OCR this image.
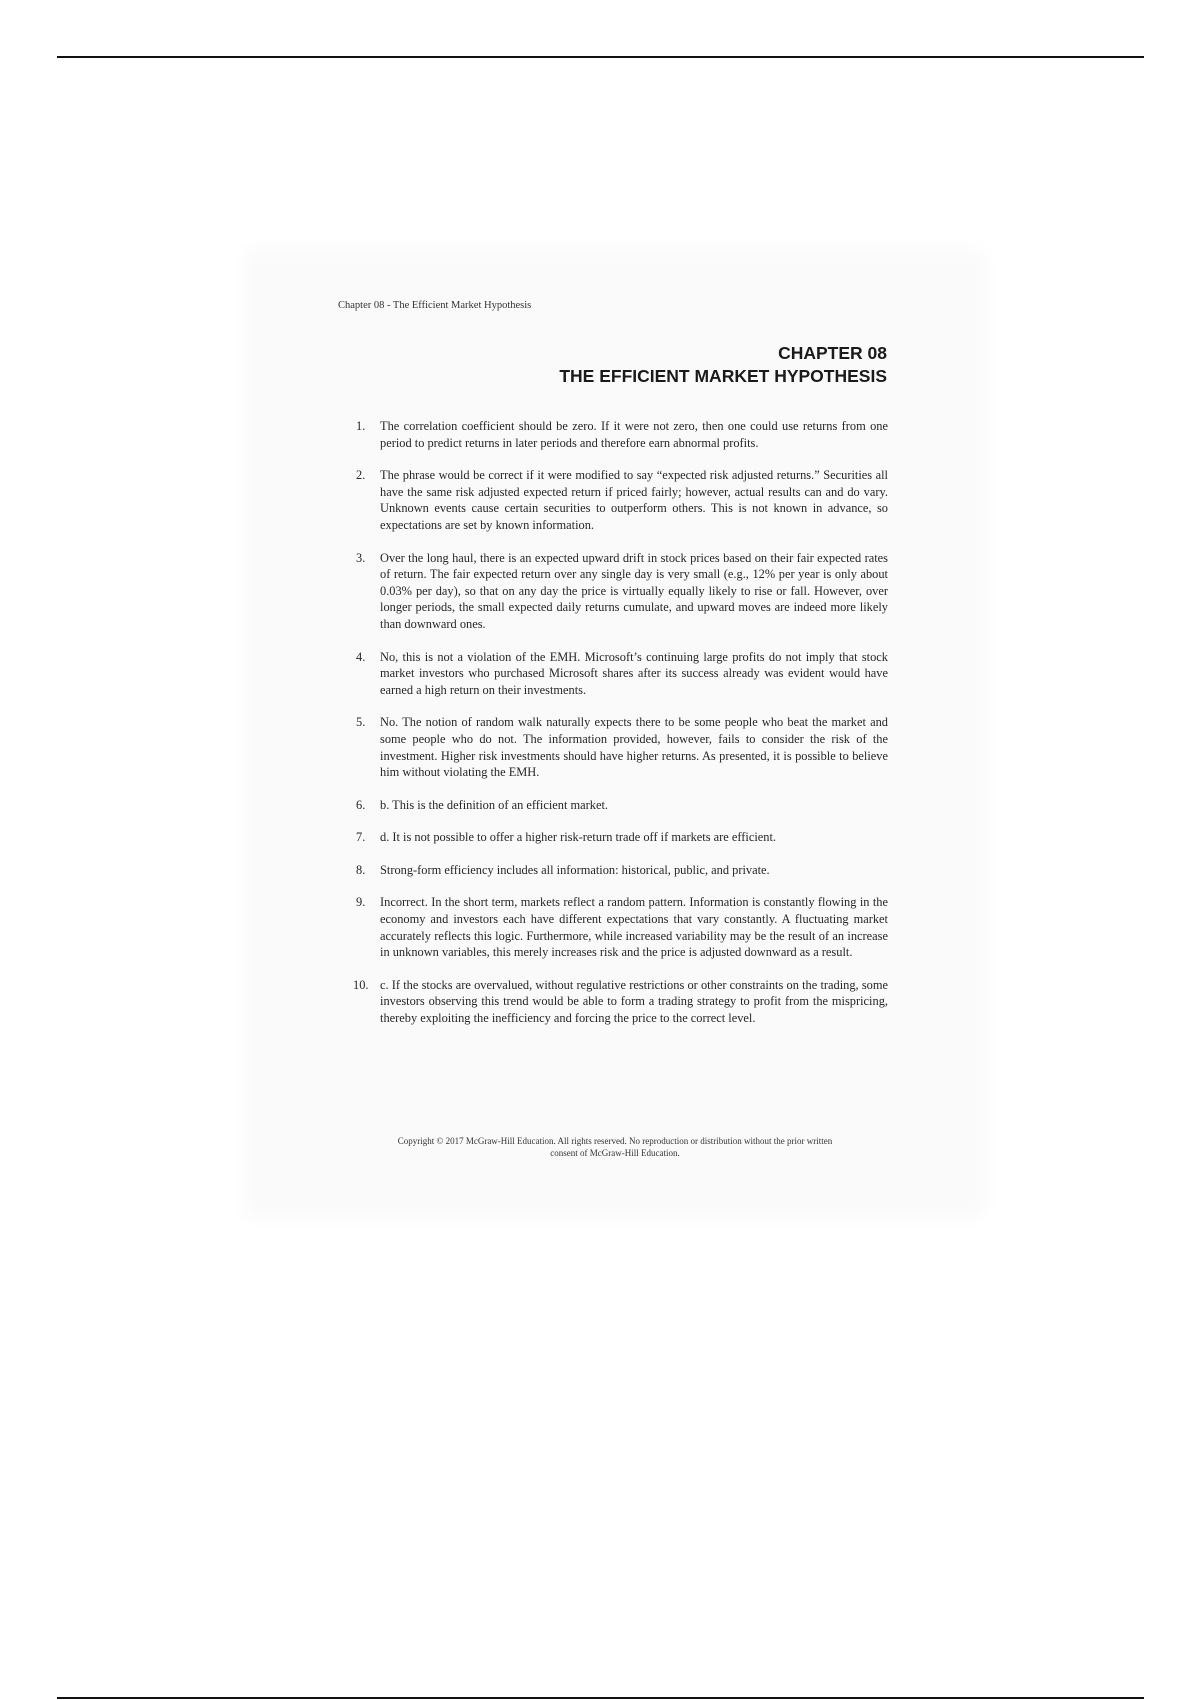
Chapter 08 - The Efficient Market Hypothesis
CHAPTER 08
THE EFFICIENT MARKET HYPOTHESIS
1. The correlation coefficient should be zero. If it were not zero, then one could use returns from one period to predict returns in later periods and therefore earn abnormal profits.
2. The phrase would be correct if it were modified to say “expected risk adjusted returns.” Securities all have the same risk adjusted expected return if priced fairly; however, actual results can and do vary. Unknown events cause certain securities to outperform others. This is not known in advance, so expectations are set by known information.
3. Over the long haul, there is an expected upward drift in stock prices based on their fair expected rates of return. The fair expected return over any single day is very small (e.g., 12% per year is only about 0.03% per day), so that on any day the price is virtually equally likely to rise or fall. However, over longer periods, the small expected daily returns cumulate, and upward moves are indeed more likely than downward ones.
4. No, this is not a violation of the EMH. Microsoft’s continuing large profits do not imply that stock market investors who purchased Microsoft shares after its success already was evident would have earned a high return on their investments.
5. No. The notion of random walk naturally expects there to be some people who beat the market and some people who do not. The information provided, however, fails to consider the risk of the investment. Higher risk investments should have higher returns. As presented, it is possible to believe him without violating the EMH.
6. b. This is the definition of an efficient market.
7. d. It is not possible to offer a higher risk-return trade off if markets are efficient.
8. Strong-form efficiency includes all information: historical, public, and private.
9. Incorrect. In the short term, markets reflect a random pattern. Information is constantly flowing in the economy and investors each have different expectations that vary constantly. A fluctuating market accurately reflects this logic. Furthermore, while increased variability may be the result of an increase in unknown variables, this merely increases risk and the price is adjusted downward as a result.
10. c. If the stocks are overvalued, without regulative restrictions or other constraints on the trading, some investors observing this trend would be able to form a trading strategy to profit from the mispricing, thereby exploiting the inefficiency and forcing the price to the correct level.
Copyright © 2017 McGraw-Hill Education. All rights reserved. No reproduction or distribution without the prior written
consent of McGraw-Hill Education.
